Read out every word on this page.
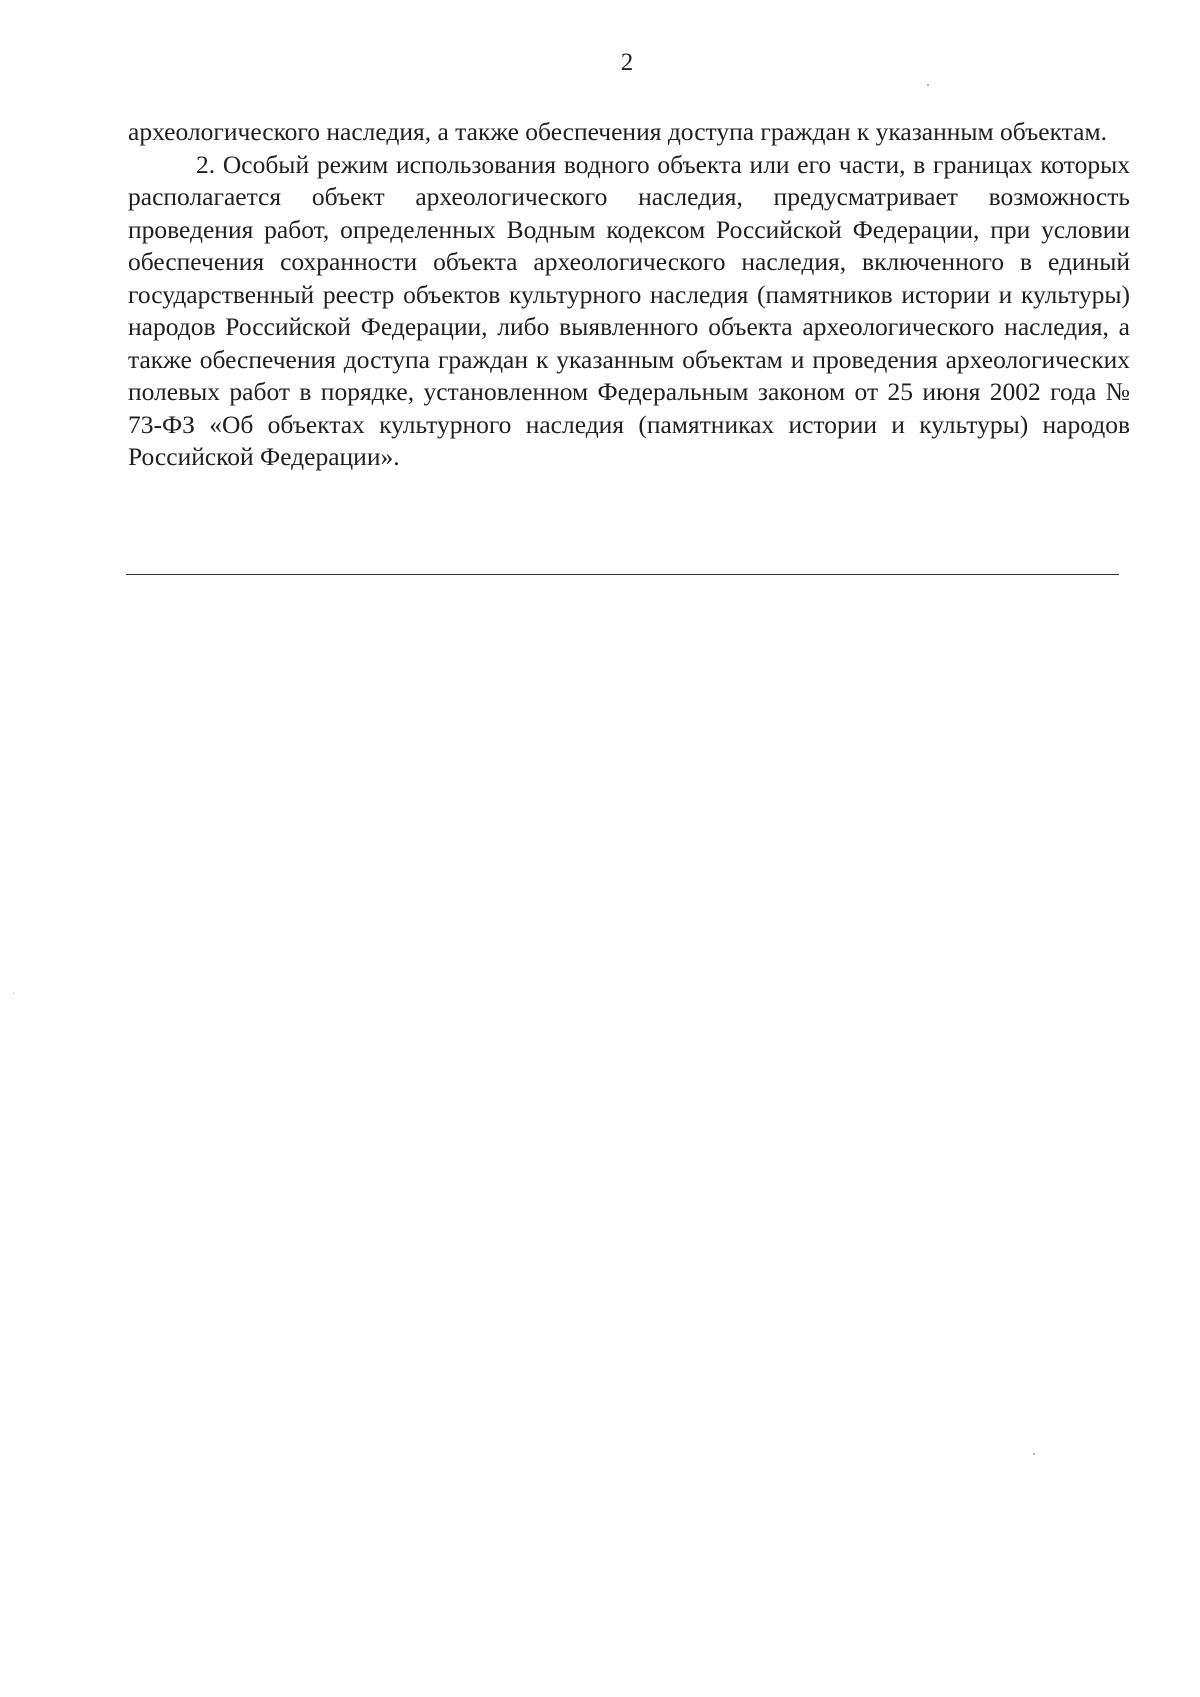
2

археологического наследия, а также обеспечения доступа граждан к указанным объектам.

2. Особый режим использования водного объекта или его части, в границах которых располагается объект археологического наследия, предусматривает возможность проведения работ, определенных Водным кодексом Российской Федерации, при условии обеспечения сохранности объекта археологического наследия, включенного в единый государственный реестр объектов культурного наследия (памятников истории и культуры) народов Российской Федерации, либо выявленного объекта археологического наследия, а также обеспечения доступа граждан к указанным объектам и проведения археологических полевых работ в порядке, установленном Федеральным законом от 25 июня 2002 года № 73-ФЗ «Об объектах культурного наследия (памятниках истории и культуры) народов Российской Федерации».
